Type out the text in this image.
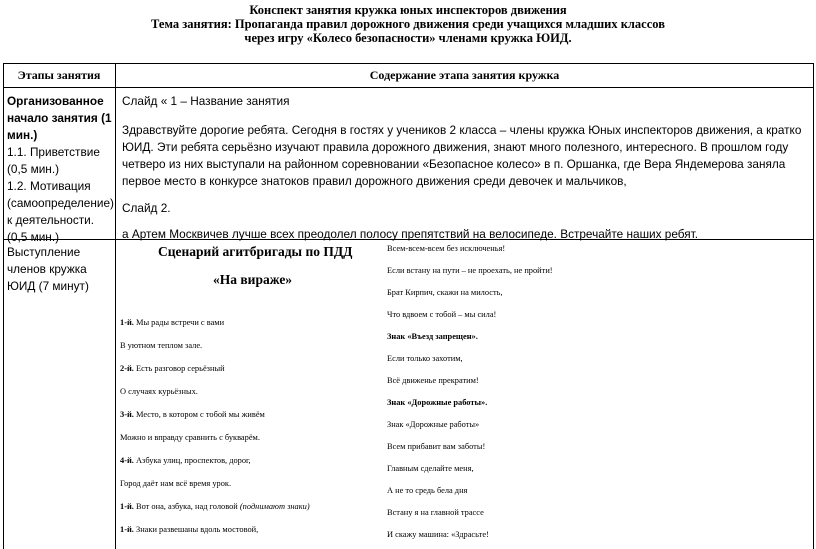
Конспект занятия кружка юных инспекторов движения
Тема занятия: Пропаганда правил дорожного движения среди учащихся младших классов
через игру «Колесо безопасности» членами кружка ЮИД.
Этапы занятия	Содержание этапа занятия кружка

Организованное начало занятия (1 мин.)

1.1. Приветствие (0,5 мин.)

1.2. Мотивация (самоопределение) к деятельности. (0,5 мин.)

Слайд « 1 – Название занятия

Здравствуйте дорогие ребята. Сегодня в гостях у учеников 2 класса – члены кружка Юных инспекторов движения, а кратко ЮИД. Эти ребята серьёзно изучают правила дорожного движения, знают много полезного, интересного. В прошлом году четверо из них выступали на районном соревновании «Безопасное колесо» в п. Оршанка, где Вера Яндемерова заняла первое место в конкурсе знатоков правил дорожного движения среди девочек и мальчиков,

Слайд 2.

а Артем Москвичев лучше всех преодолел полосу препятствий на велосипеде. Встречайте наших ребят.

Выступление членов кружка ЮИД (7 минут)
Сценарий агитбригады по ПДД
«На вираже»
1-й. Мы рады встречи с вами
В уютном теплом зале.
2-й. Есть разговор серьёзный
О случаях курьёзных.
3-й. Место, в котором с тобой мы живём
Можно и вправду сравнить с букварём.
4-й. Азбука улиц, проспектов, дорог,
Город даёт нам всё время урок.
1-й. Вот она, азбука, над головой (поднимают знаки)
1-й. Знаки развешаны вдоль мостовой,
Всем-всем-всем без исключенья!
Если встану на пути – не проехать, не пройти!
Брат Кирпич, скажи на милость,
Что вдвоем с тобой – мы сила!
Знак «Въезд запрещен».
Если только захотим,
Всё движенье прекратим!
Знак «Дорожные работы».
Знак «Дорожные работы»
Всем прибавит вам заботы!
Главным сделайте меня,
А не то средь бела дня
Встану я на главной трассе
И скажу машина: «Здрасьте!
